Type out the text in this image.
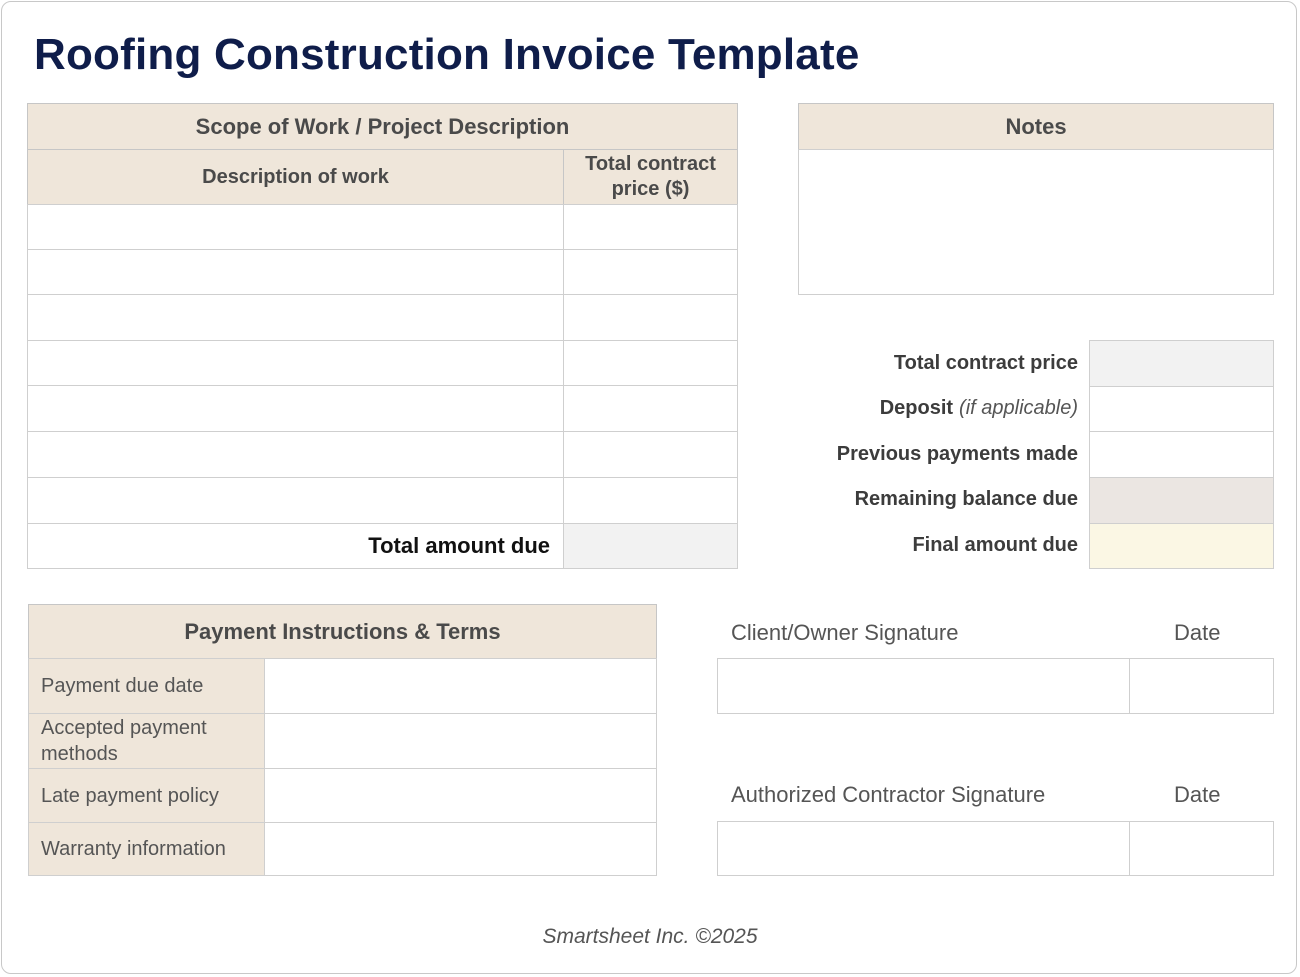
Roofing Construction Invoice Template
Scope of Work / Project Description
Description of work
Total contract price ($)
Total amount due
Notes
Total contract price
Deposit (if applicable)
Previous payments made
Remaining balance due
Final amount due
Payment Instructions & Terms
Payment due date
Accepted payment methods
Late payment policy
Warranty information
Client/Owner Signature	Date
Authorized Contractor Signature	Date
Smartsheet Inc. ©2025
